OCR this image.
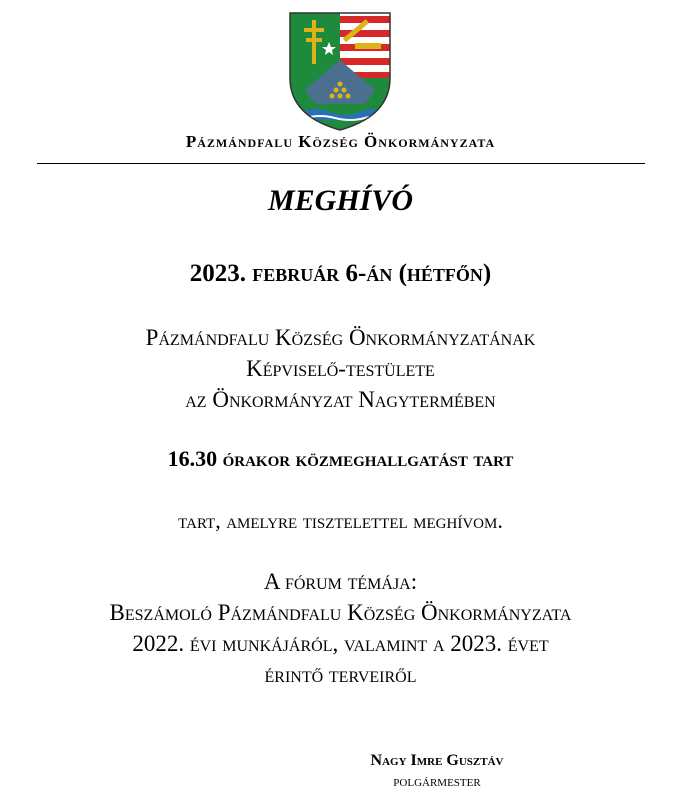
Pázmándfalu Község Önkormányzata
MEGHÍVÓ
2023. február 6-án (hétfőn)
Pázmándfalu Község Önkormányzatának
Képviselő-testülete
az Önkormányzat Nagytermében
16.30 órakor közmeghallgatást tart
tart, amelyre tisztelettel meghívom.
A fórum témája:
Beszámoló Pázmándfalu Község Önkormányzata
2022. évi munkájáról, valamint a 2023. évet
érintő terveiről
Nagy Imre Gusztáv
polgármester
